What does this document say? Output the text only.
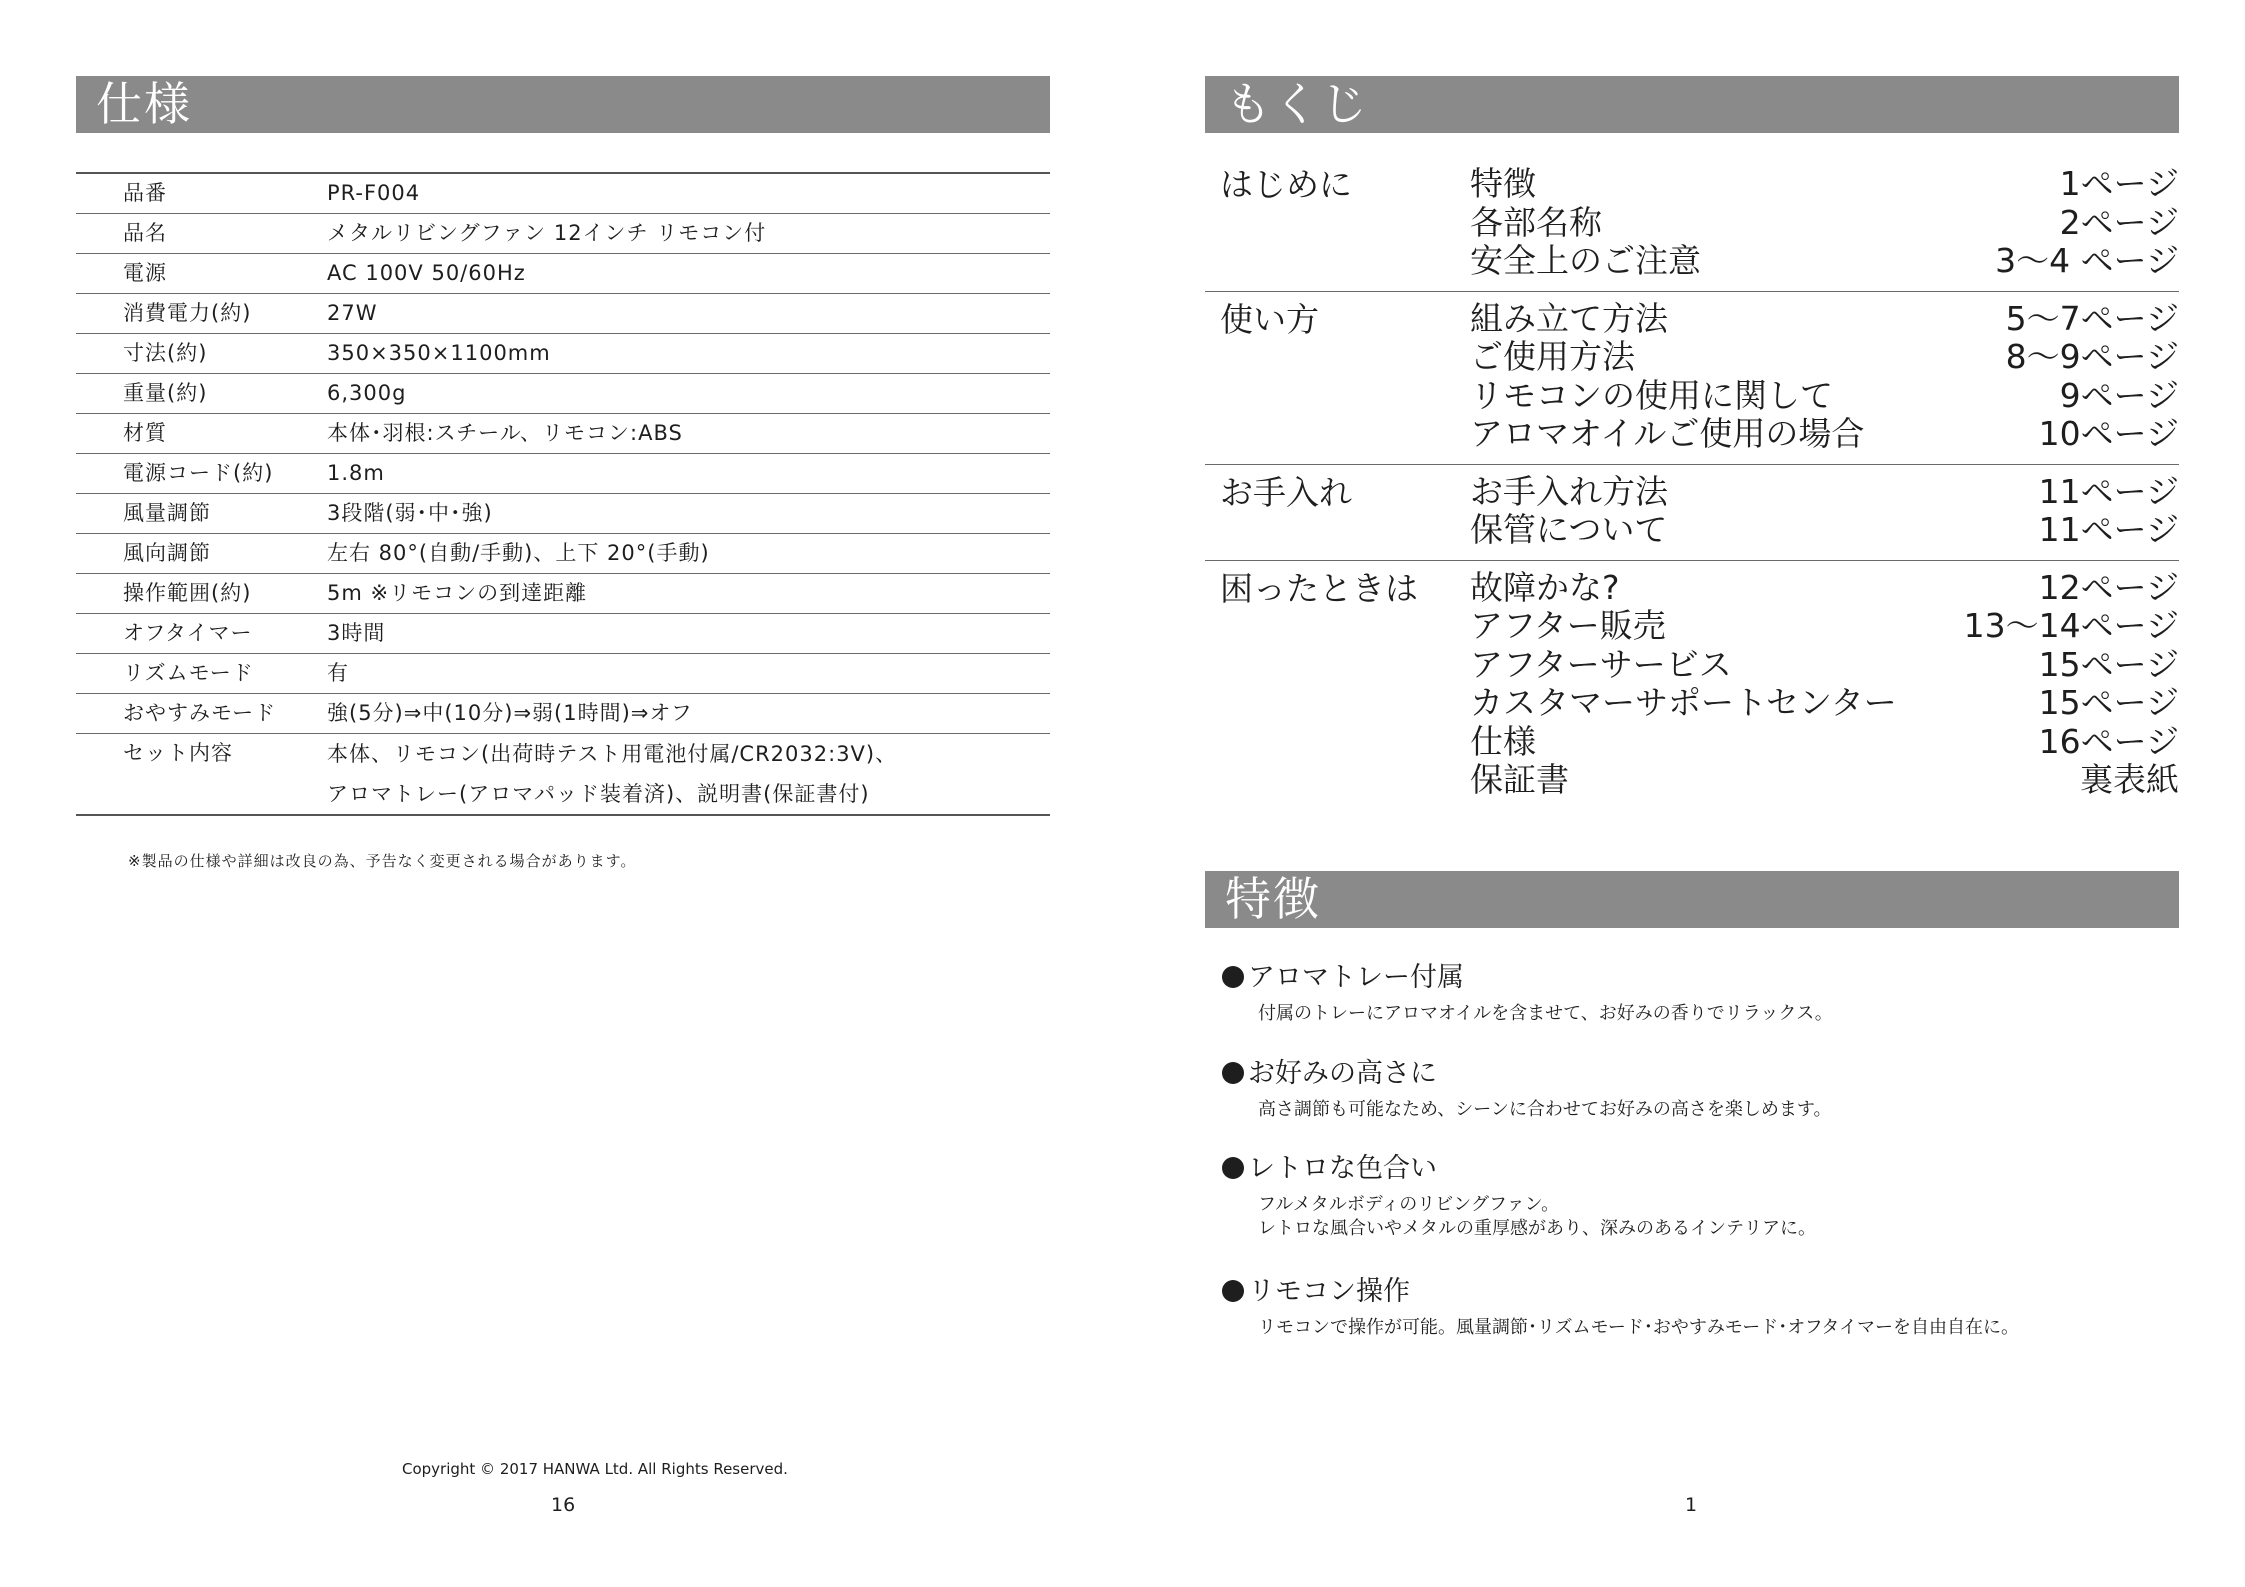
仕様
品番	PR-F004
品名	メタルリビングファン 12インチ リモコン付
電源	AC 100V 50/60Hz
消費電力(約)	27W
寸法(約)	350×350×1100mm
重量(約)	6,300g
材質	本体･羽根:スチール、リモコン:ABS
電源コード(約)	1.8m
風量調節	3段階(弱･中･強)
風向調節	左右 80°(自動/手動)、上下 20°(手動)
操作範囲(約)	5m ※リモコンの到達距離
オフタイマー	3時間
リズムモード	有
おやすみモード	強(5分)⇒中(10分)⇒弱(1時間)⇒オフ
セット内容	本体、リモコン(出荷時テスト用電池付属/CR2032:3V)、
アロマトレー(アロマパッド装着済)、説明書(保証書付)
※製品の仕様や詳細は改良の為、予告なく変更される場合があります。
Copyright © 2017 HANWA Ltd. All Rights Reserved.
16
もくじ
はじめに	特徴	1ページ
各部名称	2ページ
安全上のご注意	3～4 ページ
使い方	組み立て方法	5～7ページ
ご使用方法	8～9ページ
リモコンの使用に関して	9ページ
アロマオイルご使用の場合	10ページ
お手入れ	お手入れ方法	11ページ
保管について	11ページ
困ったときは	故障かな?	12ページ
アフター販売	13～14ページ
アフターサービス	15ページ
カスタマーサポートセンター	15ページ
仕様	16ページ
保証書	裏表紙
特徴
アロマトレー付属
付属のトレーにアロマオイルを含ませて、お好みの香りでリラックス。
お好みの高さに
高さ調節も可能なため、シーンに合わせてお好みの高さを楽しめます。
レトロな色合い
フルメタルボディのリビングファン。
レトロな風合いやメタルの重厚感があり、深みのあるインテリアに。
リモコン操作
リモコンで操作が可能。風量調節･リズムモード･おやすみモード･オフタイマーを自由自在に。
1
